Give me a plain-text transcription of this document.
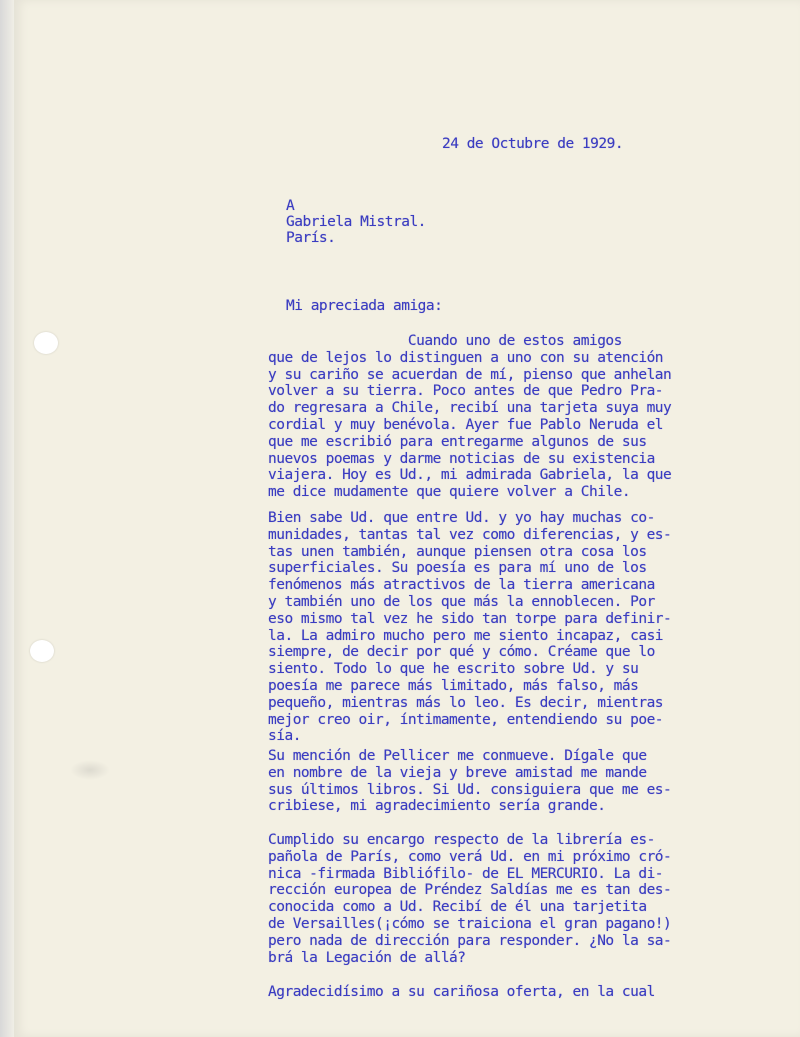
24 de Octubre de 1929.
A
Gabriela Mistral.
París.
Mi apreciada amiga:
Cuando uno de estos amigos
que de lejos lo distinguen a uno con su atención
y su cariño se acuerdan de mí, pienso que anhelan
volver a su tierra. Poco antes de que Pedro Pra-
do regresara a Chile, recibí una tarjeta suya muy
cordial y muy benévola. Ayer fue Pablo Neruda el
que me escribió para entregarme algunos de sus
nuevos poemas y darme noticias de su existencia
viajera. Hoy es Ud., mi admirada Gabriela, la que
me dice mudamente que quiere volver a Chile.
Bien sabe Ud. que entre Ud. y yo hay muchas co-
munidades, tantas tal vez como diferencias, y es-
tas unen también, aunque piensen otra cosa los
superficiales. Su poesía es para mí uno de los
fenómenos más atractivos de la tierra americana
y también uno de los que más la ennoblecen. Por
eso mismo tal vez he sido tan torpe para definir-
la. La admiro mucho pero me siento incapaz, casi
siempre, de decir por qué y cómo. Créame que lo
siento. Todo lo que he escrito sobre Ud. y su
poesía me parece más limitado, más falso, más
pequeño, mientras más lo leo. Es decir, mientras
mejor creo oir, íntimamente, entendiendo su poe-
sía.
Su mención de Pellicer me conmueve. Dígale que
en nombre de la vieja y breve amistad me mande
sus últimos libros. Si Ud. consiguiera que me es-
cribiese, mi agradecimiento sería grande.
Cumplido su encargo respecto de la librería es-
pañola de París, como verá Ud. en mi próximo cró-
nica -firmada Bibliófilo- de EL MERCURIO. La di-
rección europea de Préndez Saldías me es tan des-
conocida como a Ud. Recibí de él una tarjetita
de Versailles(¡cómo se traiciona el gran pagano!)
pero nada de dirección para responder. ¿No la sa-
brá la Legación de allá?
Agradecidísimo a su cariñosa oferta, en la cual
